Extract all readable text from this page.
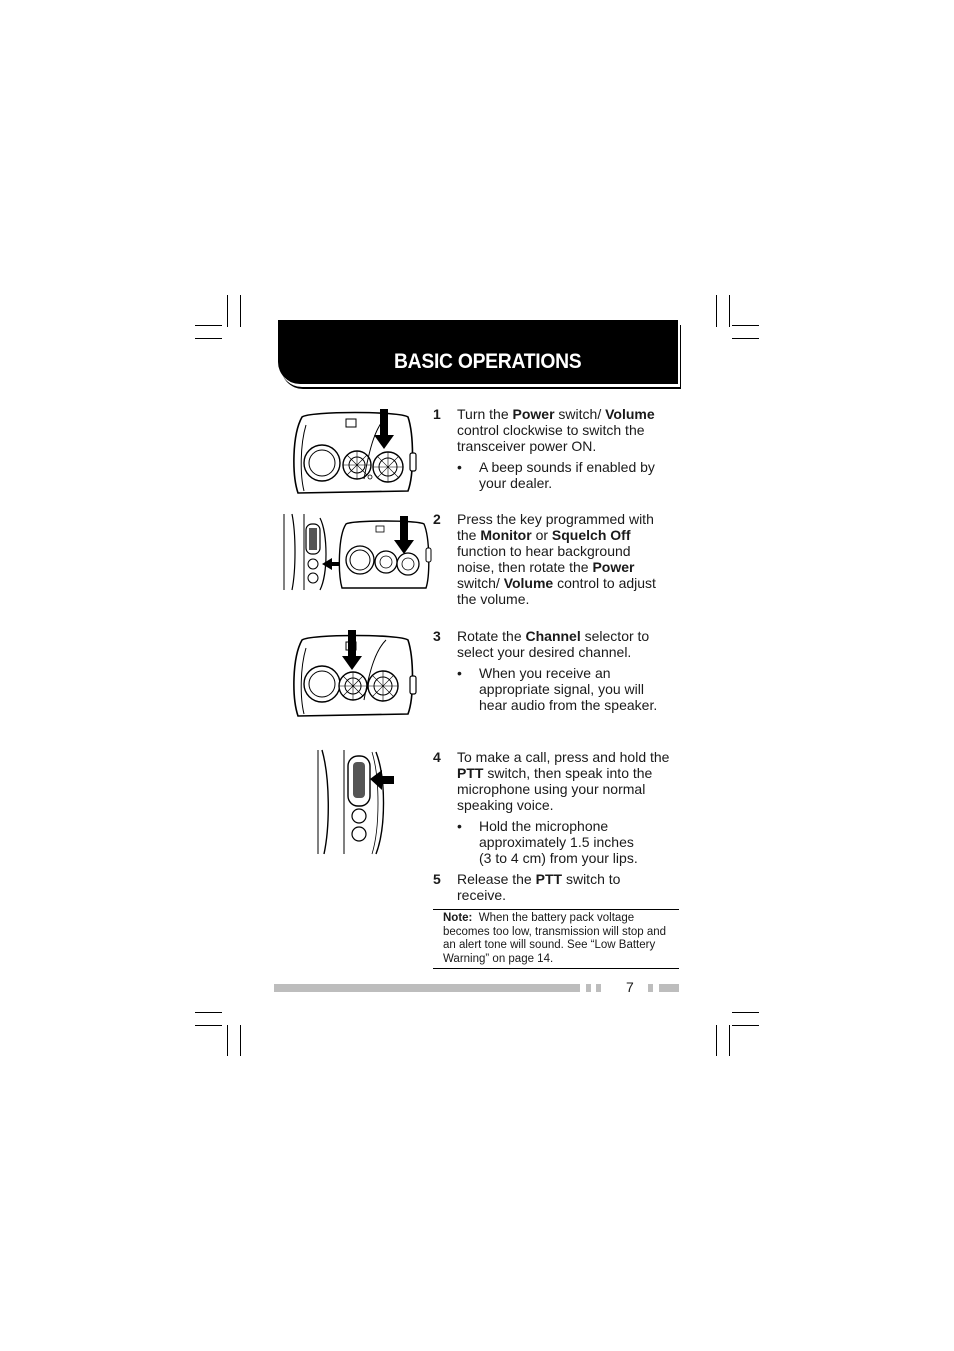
BASIC OPERATIONS
1 Turn the Power switch/ Volume
control clockwise to switch the transceiver power ON.
• A beep sounds if enabled by your dealer.
2 Press the key programmed with the Monitor or Squelch Off function to hear background noise, then rotate the Power switch/ Volume control to adjust the volume.
3 Rotate the Channel selector to select your desired channel.
• When you receive an appropriate signal, you will hear audio from the speaker.
4 To make a call, press and hold the PTT switch, then speak into the microphone using your normal speaking voice.
• Hold the microphone
approximately 1.5 inches
(3 to 4 cm) from your lips.
5 Release the PTT switch to receive.
Note: When the battery pack voltage becomes too low, transmission will stop and an alert tone will sound. See “Low Battery Warning” on page 14.
7
